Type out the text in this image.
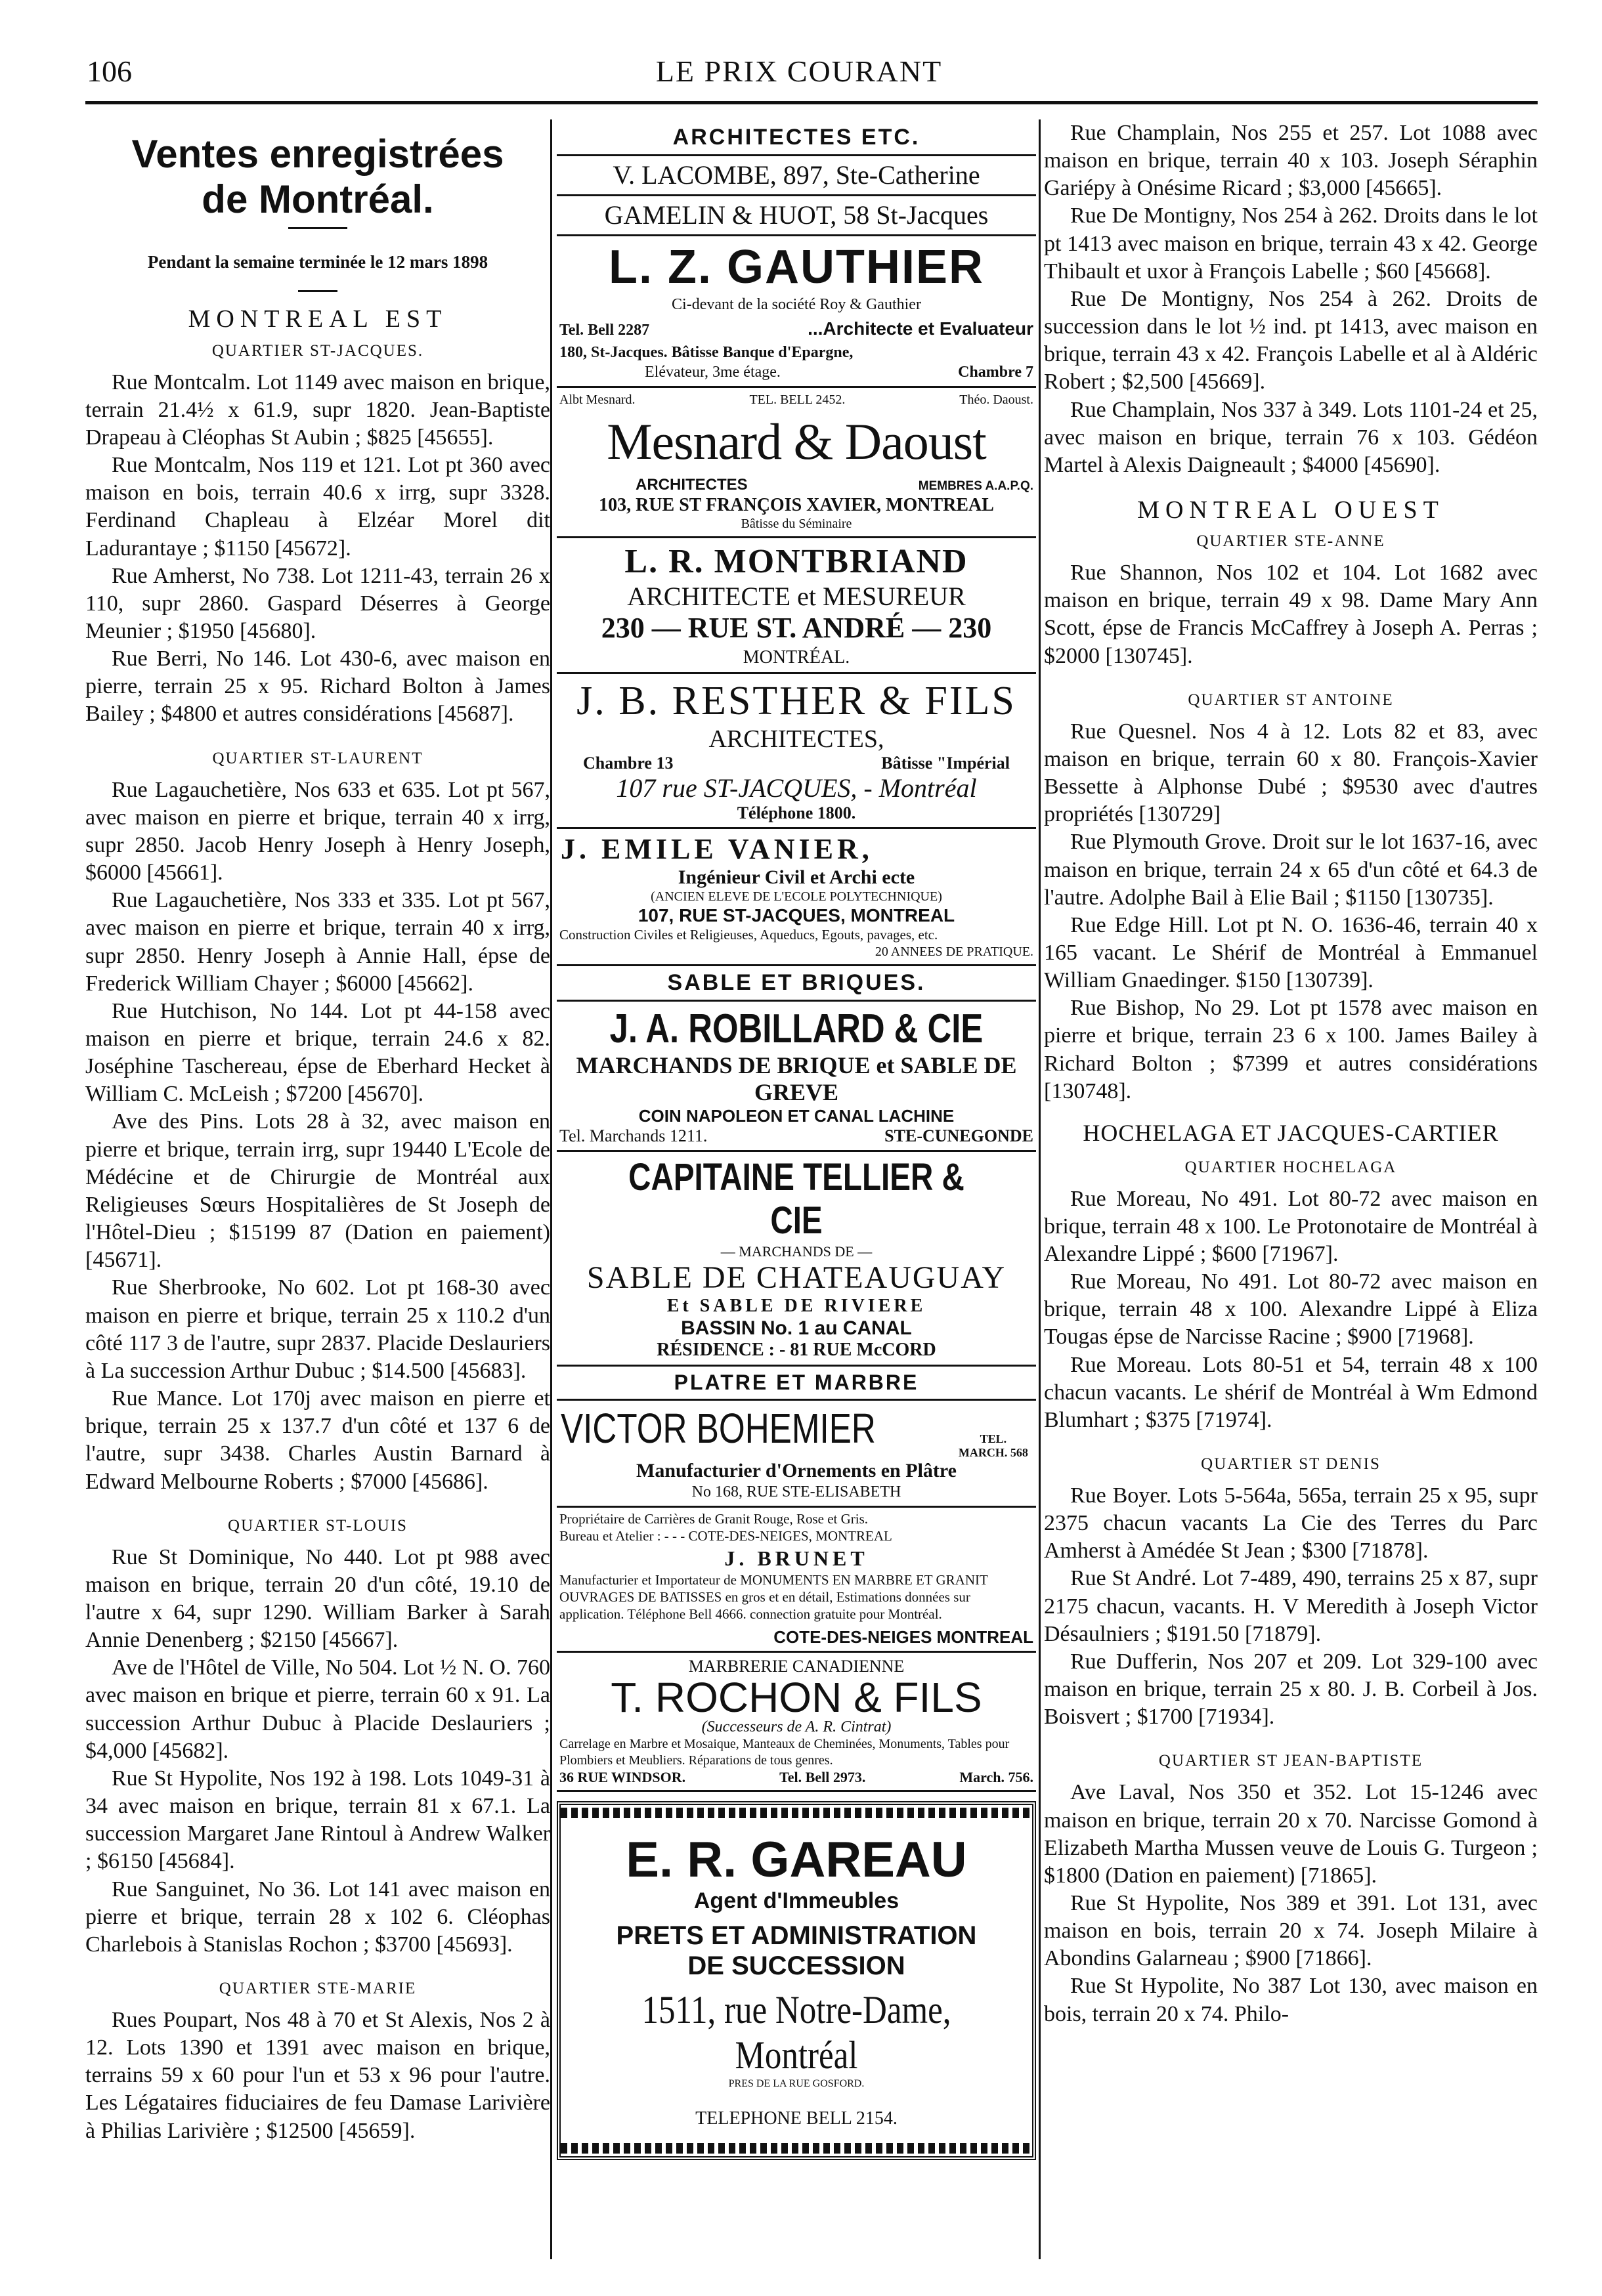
106	LE PRIX COURANT
Ventes enregistrées
de Montréal.
Pendant la semaine terminée le 12 mars 1898
MONTREAL EST
QUARTIER ST-JACQUES.

Rue Montcalm. Lot 1149 avec maison en brique, terrain 21.4½ x 61.9, supr 1820. Jean-Baptiste Drapeau à Cléophas St Aubin ; $825 [45655].

Rue Montcalm, Nos 119 et 121. Lot pt 360 avec maison en bois, terrain 40.6 x irrg, supr 3328. Ferdinand Chapleau à Elzéar Morel dit Ladurantaye ; $1150 [45672].

Rue Amherst, No 738. Lot 1211-43, terrain 26 x 110, supr 2860. Gaspard Déserres à George Meunier ; $1950 [45680].

Rue Berri, No 146. Lot 430-6, avec maison en pierre, terrain 25 x 95. Richard Bolton à James Bailey ; $4800 et autres considérations [45687].

QUARTIER ST-LAURENT

Rue Lagauchetière, Nos 633 et 635. Lot pt 567, avec maison en pierre et brique, terrain 40 x irrg, supr 2850. Jacob Henry Joseph à Henry Joseph, $6000 [45661].

Rue Lagauchetière, Nos 333 et 335. Lot pt 567, avec maison en pierre et brique, terrain 40 x irrg, supr 2850. Henry Joseph à Annie Hall, épse de Frederick William Chayer ; $6000 [45662].

Rue Hutchison, No 144. Lot pt 44-158 avec maison en pierre et brique, terrain 24.6 x 82. Joséphine Taschereau, épse de Eberhard Hecket à William C. McLeish ; $7200 [45670].

Ave des Pins. Lots 28 à 32, avec maison en pierre et brique, terrain irrg, supr 19440 L'Ecole de Médécine et de Chirurgie de Montréal aux Religieuses Sœurs Hospitalières de St Joseph de l'Hôtel-Dieu ; $15199 87 (Dation en paiement) [45671].

Rue Sherbrooke, No 602. Lot pt 168-30 avec maison en pierre et brique, terrain 25 x 110.2 d'un côté 117 3 de l'autre, supr 2837. Placide Deslauriers à La succession Arthur Dubuc ; $14.500 [45683].

Rue Mance. Lot 170j avec maison en pierre et brique, terrain 25 x 137.7 d'un côté et 137 6 de l'autre, supr 3438. Charles Austin Barnard à Edward Melbourne Roberts ; $7000 [45686].

QUARTIER ST-LOUIS

Rue St Dominique, No 440. Lot pt 988 avec maison en brique, terrain 20 d'un côté, 19.10 de l'autre x 64, supr 1290. William Barker à Sarah Annie Denenberg ; $2150 [45667].

Ave de l'Hôtel de Ville, No 504. Lot ½ N. O. 760 avec maison en brique et pierre, terrain 60 x 91. La succession Arthur Dubuc à Placide Deslauriers ; $4,000 [45682].

Rue St Hypolite, Nos 192 à 198. Lots 1049-31 à 34 avec maison en brique, terrain 81 x 67.1. La succession Margaret Jane Rintoul à Andrew Walker ; $6150 [45684].

Rue Sanguinet, No 36. Lot 141 avec maison en pierre et brique, terrain 28 x 102 6. Cléophas Charlebois à Stanislas Rochon ; $3700 [45693].

QUARTIER STE-MARIE

Rues Poupart, Nos 48 à 70 et St Alexis, Nos 2 à 12. Lots 1390 et 1391 avec maison en brique, terrains 59 x 60 pour l'un et 53 x 96 pour l'autre. Les Légataires fiduciaires de feu Damase Larivière à Philias Larivière ; $12500 [45659].

ARCHITECTES ETC.
V. LACOMBE, 897, Ste-Catherine
GAMELIN & HUOT, 58 St-Jacques
L. Z. GAUTHIER
Ci-devant de la société Roy & Gauthier
Tel. Bell 2287	...Architecte et Evaluateur
180, St-Jacques. Bâtisse Banque d'Epargne,
Elévateur, 3me étage.	Chambre 7
Albt Mesnard.	TEL. BELL 2452.	Théo. Daoust.
Mesnard & Daoust
ARCHITECTES	MEMBRES A.A.P.Q.
103, RUE ST FRANÇOIS XAVIER, MONTREAL
Bâtisse du Séminaire
L. R. MONTBRIAND
ARCHITECTE et MESUREUR
230 — RUE ST. ANDRÉ — 230
MONTRÉAL.
J. B. RESTHER & FILS
ARCHITECTES,
Chambre 13	Bâtisse "Impérial
107 rue ST-JACQUES, - Montréal
Téléphone 1800.
J. EMILE VANIER,
Ingénieur Civil et Archi ecte
(ANCIEN ELEVE DE L'ECOLE POLYTECHNIQUE)
107, RUE ST-JACQUES, MONTREAL
Construction Civiles et Religieuses, Aqueducs, Egouts, pavages, etc.
20 ANNEES DE PRATIQUE.
SABLE ET BRIQUES.
J. A. ROBILLARD & CIE
MARCHANDS DE BRIQUE et SABLE DE GREVE
COIN NAPOLEON ET CANAL LACHINE
Tel. Marchands 1211.	STE-CUNEGONDE
CAPITAINE TELLIER & CIE
— MARCHANDS DE —
SABLE DE CHATEAUGUAY
Et SABLE DE RIVIERE
BASSIN No. 1 au CANAL
RÉSIDENCE : - 81 RUE McCORD
PLATRE ET MARBRE
VICTOR BOHEMIER	TEL. MARCH. 568
Manufacturier d'Ornements en Plâtre
No 168, RUE STE-ELISABETH
Propriétaire de Carrières de Granit Rouge, Rose et Gris.
Bureau et Atelier : - - - COTE-DES-NEIGES, MONTREAL
J. BRUNET
Manufacturier et Importateur de MONUMENTS EN MARBRE ET GRANIT OUVRAGES DE BATISSES en gros et en détail, Estimations données sur application. Téléphone Bell 4666. connection gratuite pour Montréal.
COTE-DES-NEIGES MONTREAL
MARBRERIE CANADIENNE
T. ROCHON & FILS
(Successeurs de A. R. Cintrat)
Carrelage en Marbre et Mosaique, Manteaux de Cheminées, Monuments, Tables pour Plombiers et Meubliers. Réparations de tous genres.
36 RUE WINDSOR.	Tel. Bell 2973.	March. 756.
E. R. GAREAU
Agent d'Immeubles
PRETS ET ADMINISTRATION
DE SUCCESSION
1511, rue Notre-Dame, Montréal
PRES DE LA RUE GOSFORD.
TELEPHONE BELL 2154.

Rue Champlain, Nos 255 et 257. Lot 1088 avec maison en brique, terrain 40 x 103. Joseph Séraphin Gariépy à Onésime Ricard ; $3,000 [45665].

Rue De Montigny, Nos 254 à 262. Droits dans le lot pt 1413 avec maison en brique, terrain 43 x 42. George Thibault et uxor à François Labelle ; $60 [45668].

Rue De Montigny, Nos 254 à 262. Droits de succession dans le lot ½ ind. pt 1413, avec maison en brique, terrain 43 x 42. François Labelle et al à Aldéric Robert ; $2,500 [45669].

Rue Champlain, Nos 337 à 349. Lots 1101-24 et 25, avec maison en brique, terrain 76 x 103. Gédéon Martel à Alexis Daigneault ; $4000 [45690].

MONTREAL OUEST
QUARTIER STE-ANNE

Rue Shannon, Nos 102 et 104. Lot 1682 avec maison en brique, terrain 49 x 98. Dame Mary Ann Scott, épse de Francis McCaffrey à Joseph A. Perras ; $2000 [130745].

QUARTIER ST ANTOINE

Rue Quesnel. Nos 4 à 12. Lots 82 et 83, avec maison en brique, terrain 60 x 80. François-Xavier Bessette à Alphonse Dubé ; $9530 avec d'autres propriétés [130729]

Rue Plymouth Grove. Droit sur le lot 1637-16, avec maison en brique, terrain 24 x 65 d'un côté et 64.3 de l'autre. Adolphe Bail à Elie Bail ; $1150 [130735].

Rue Edge Hill. Lot pt N. O. 1636-46, terrain 40 x 165 vacant. Le Shérif de Montréal à Emmanuel William Gnaedinger. $150 [130739].

Rue Bishop, No 29. Lot pt 1578 avec maison en pierre et brique, terrain 23 6 x 100. James Bailey à Richard Bolton ; $7399 et autres considérations [130748].

HOCHELAGA ET JACQUES-CARTIER
QUARTIER HOCHELAGA

Rue Moreau, No 491. Lot 80-72 avec maison en brique, terrain 48 x 100. Le Protonotaire de Montréal à Alexandre Lippé ; $600 [71967].

Rue Moreau, No 491. Lot 80-72 avec maison en brique, terrain 48 x 100. Alexandre Lippé à Eliza Tougas épse de Narcisse Racine ; $900 [71968].

Rue Moreau. Lots 80-51 et 54, terrain 48 x 100 chacun vacants. Le shérif de Montréal à Wm Edmond Blumhart ; $375 [71974].

QUARTIER ST DENIS

Rue Boyer. Lots 5-564a, 565a, terrain 25 x 95, supr 2375 chacun vacants La Cie des Terres du Parc Amherst à Amédée St Jean ; $300 [71878].

Rue St André. Lot 7-489, 490, terrains 25 x 87, supr 2175 chacun, vacants. H. V Meredith à Joseph Victor Désaulniers ; $191.50 [71879].

Rue Dufferin, Nos 207 et 209. Lot 329-100 avec maison en brique, terrain 25 x 80. J. B. Corbeil à Jos. Boisvert ; $1700 [71934].

QUARTIER ST JEAN-BAPTISTE

Ave Laval, Nos 350 et 352. Lot 15-1246 avec maison en brique, terrain 20 x 70. Narcisse Gomond à Elizabeth Martha Mussen veuve de Louis G. Turgeon ; $1800 (Dation en paiement) [71865].

Rue St Hypolite, Nos 389 et 391. Lot 131, avec maison en bois, terrain 20 x 74. Joseph Milaire à Abondins Galarneau ; $900 [71866].

Rue St Hypolite, No 387 Lot 130, avec maison en bois, terrain 20 x 74. Philo-
